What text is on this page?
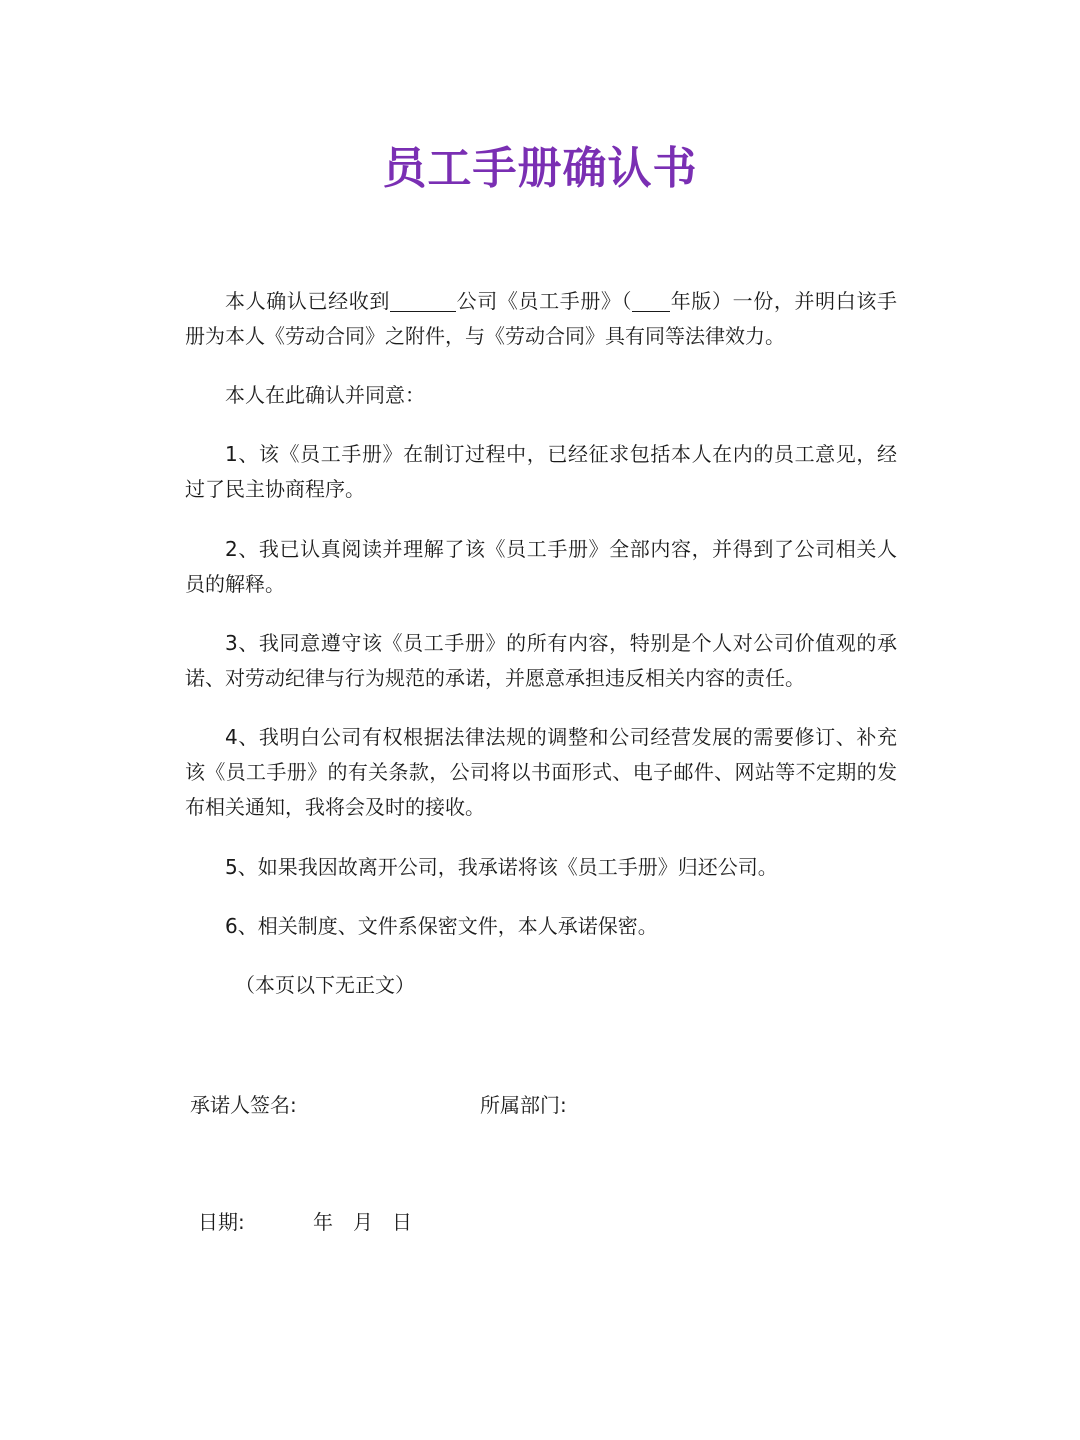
员工手册确认书

本人确认已经收到	公司《员工手册》（ 年版）一份，并明白该手册为本人《劳动合同》之附件，与《劳动合同》具有同等法律效力。

本人在此确认并同意：

1、该《员工手册》在制订过程中，已经征求包括本人在内的员工意见，经过了民主协商程序。

2、我已认真阅读并理解了该《员工手册》全部内容，并得到了公司相关人员的解释。

3、我同意遵守该《员工手册》的所有内容，特别是个人对公司价值观的承诺、对劳动纪律与行为规范的承诺，并愿意承担违反相关内容的责任。

4、我明白公司有权根据法律法规的调整和公司经营发展的需要修订、补充该《员工手册》的有关条款，公司将以书面形式、电子邮件、网站等不定期的发布相关通知，我将会及时的接收。

5、如果我因故离开公司，我承诺将该《员工手册》归还公司。

6、相关制度、文件系保密文件，本人承诺保密。

（本页以下无正文）

承诺人签名:	所属部门:
日期:	年 月 日
